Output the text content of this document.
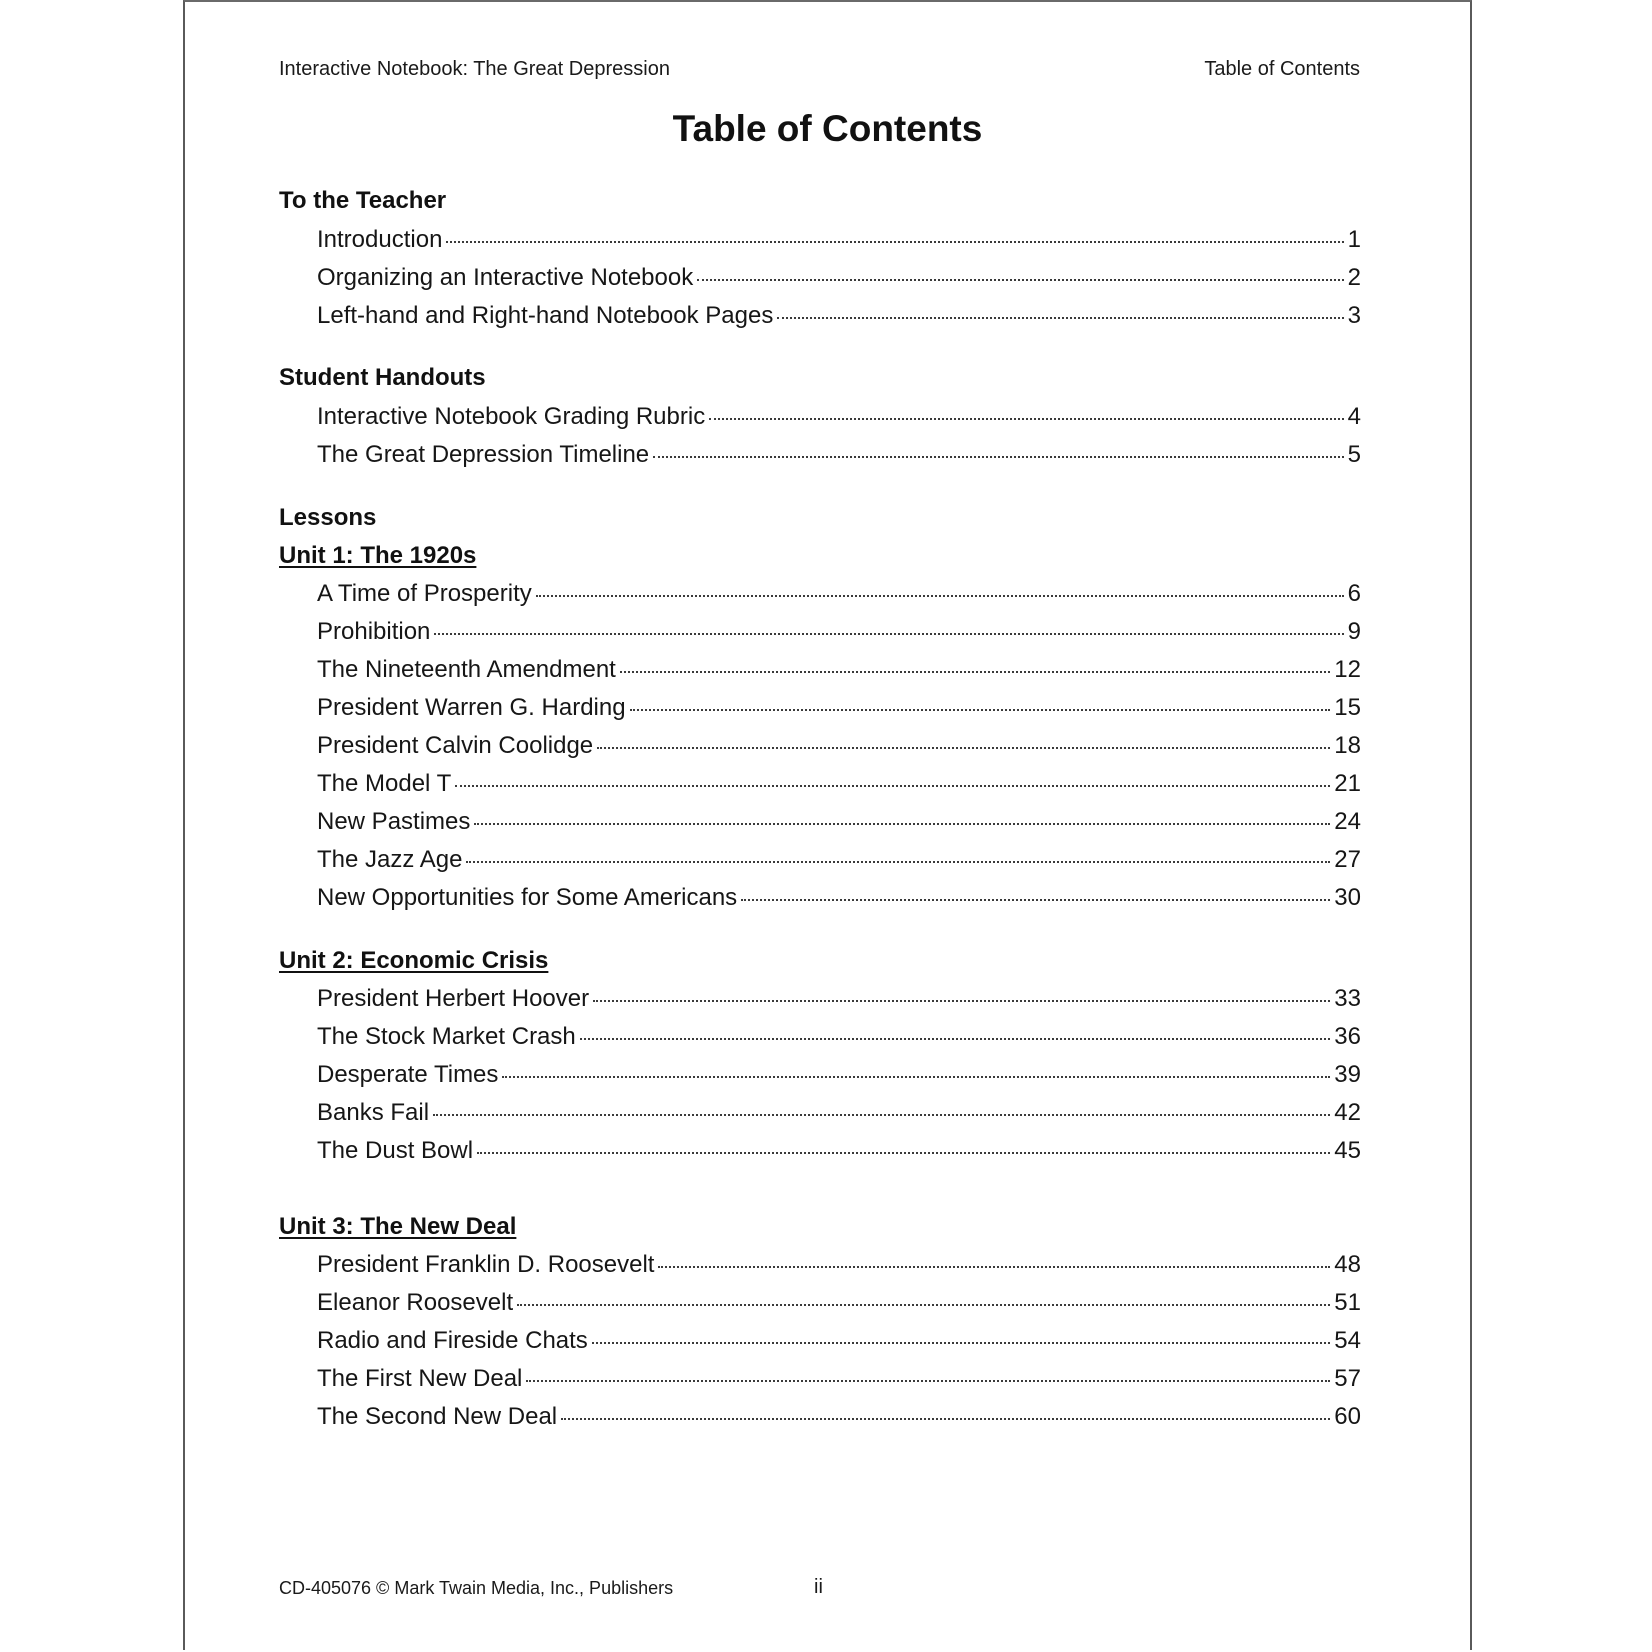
Interactive Notebook: The Great Depression	Table of Contents
Table of Contents
To the Teacher
Introduction	1
Organizing an Interactive Notebook	2
Left-hand and Right-hand Notebook Pages	3
Student Handouts
Interactive Notebook Grading Rubric	4
The Great Depression Timeline	5
Lessons
Unit 1: The 1920s
A Time of Prosperity	6
Prohibition	9
The Nineteenth Amendment	12
President Warren G. Harding	15
President Calvin Coolidge	18
The Model T	21
New Pastimes	24
The Jazz Age	27
New Opportunities for Some Americans	30
Unit 2: Economic Crisis
President Herbert Hoover	33
The Stock Market Crash	36
Desperate Times	39
Banks Fail	42
The Dust Bowl	45
Unit 3: The New Deal
President Franklin D. Roosevelt	48
Eleanor Roosevelt	51
Radio and Fireside Chats	54
The First New Deal	57
The Second New Deal	60
CD-405076 © Mark Twain Media, Inc., Publishers	ii
